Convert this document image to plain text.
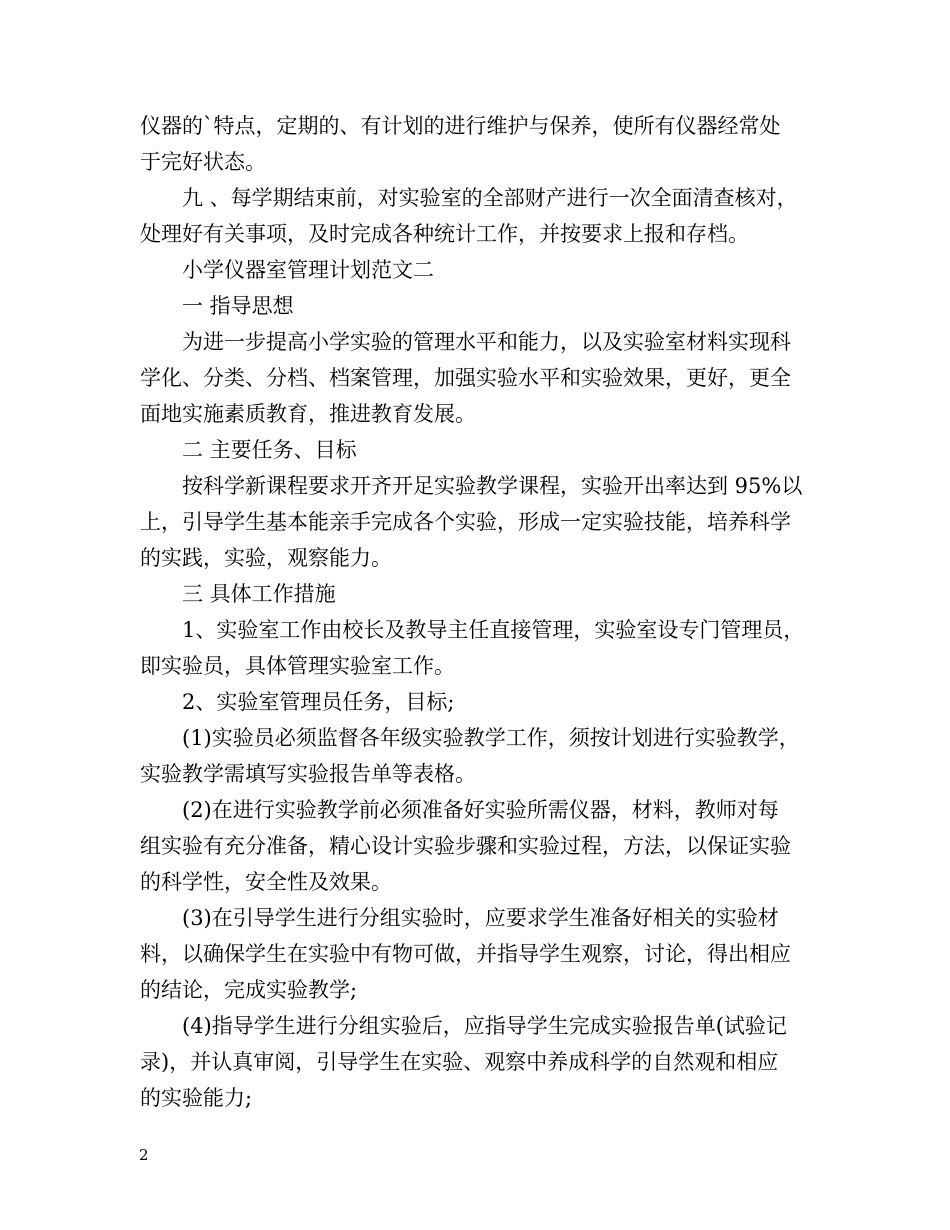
仪器的`特点，定期的、有计划的进行维护与保养，使所有仪器经常处
于完好状态。

九 、每学期结束前，对实验室的全部财产进行一次全面清查核对，
处理好有关事项，及时完成各种统计工作，并按要求上报和存档。

小学仪器室管理计划范文二

一 指导思想

为进一步提高小学实验的管理水平和能力，以及实验室材料实现科
学化、分类、分档、档案管理，加强实验水平和实验效果，更好，更全
面地实施素质教育，推进教育发展。

二 主要任务、目标

按科学新课程要求开齐开足实验教学课程，实验开出率达到 95%以
上，引导学生基本能亲手完成各个实验，形成一定实验技能，培养科学
的实践，实验，观察能力。

三 具体工作措施

1、实验室工作由校长及教导主任直接管理，实验室设专门管理员，
即实验员，具体管理实验室工作。

2、实验室管理员任务，目标;

(1)实验员必须监督各年级实验教学工作，须按计划进行实验教学，
实验教学需填写实验报告单等表格。

(2)在进行实验教学前必须准备好实验所需仪器，材料，教师对每
组实验有充分准备，精心设计实验步骤和实验过程，方法，以保证实验
的科学性，安全性及效果。

(3)在引导学生进行分组实验时，应要求学生准备好相关的实验材
料，以确保学生在实验中有物可做，并指导学生观察，讨论，得出相应
的结论，完成实验教学;

(4)指导学生进行分组实验后，应指导学生完成实验报告单(试验记
录)，并认真审阅，引导学生在实验、观察中养成科学的自然观和相应
的实验能力;

2
